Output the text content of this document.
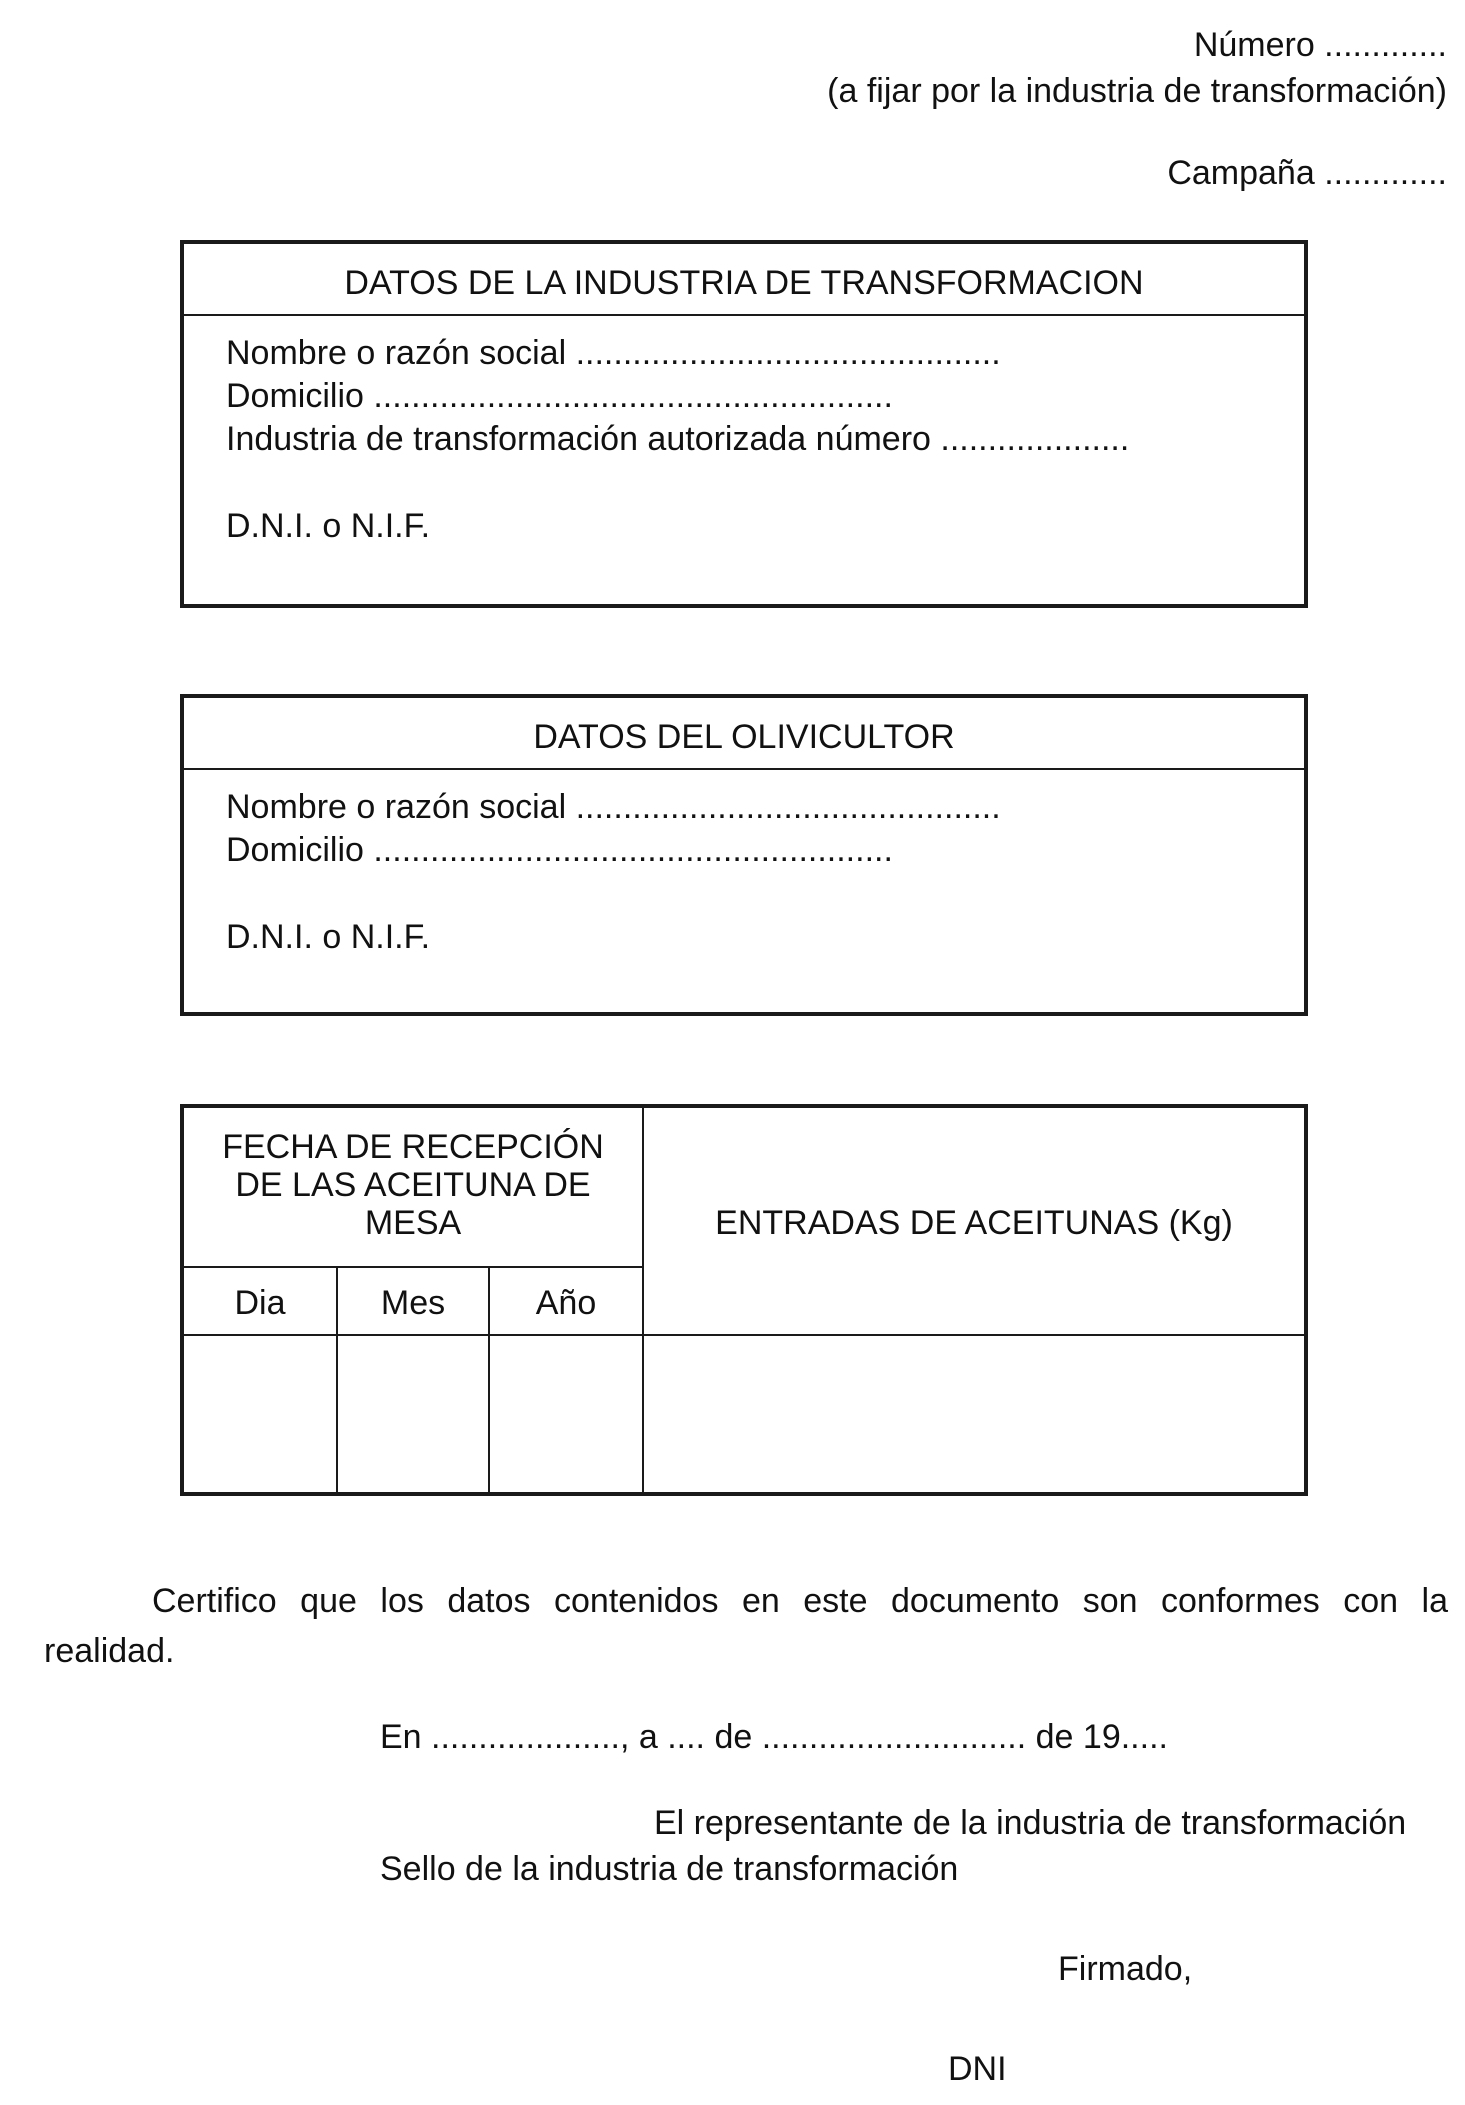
Número .............
(a fijar por la industria de transformación)
Campaña .............
DATOS DE LA INDUSTRIA DE TRANSFORMACION
Nombre o razón social .............................................
Domicilio .......................................................
Industria de transformación autorizada número ....................
D.N.I. o N.I.F.
DATOS DEL OLIVICULTOR
Nombre o razón social .............................................
Domicilio .......................................................
D.N.I. o N.I.F.
FECHA DE RECEPCIÓN DE LAS ACEITUNA DE MESA	ENTRADAS DE ACEITUNAS (Kg)
Dia	Mes	Año
Certifico que los datos contenidos en este documento son conformes con la
realidad.
En ...................., a .... de ............................ de 19.....
El representante de la industria de transformación
Sello de la industria de transformación
Firmado,
DNI
